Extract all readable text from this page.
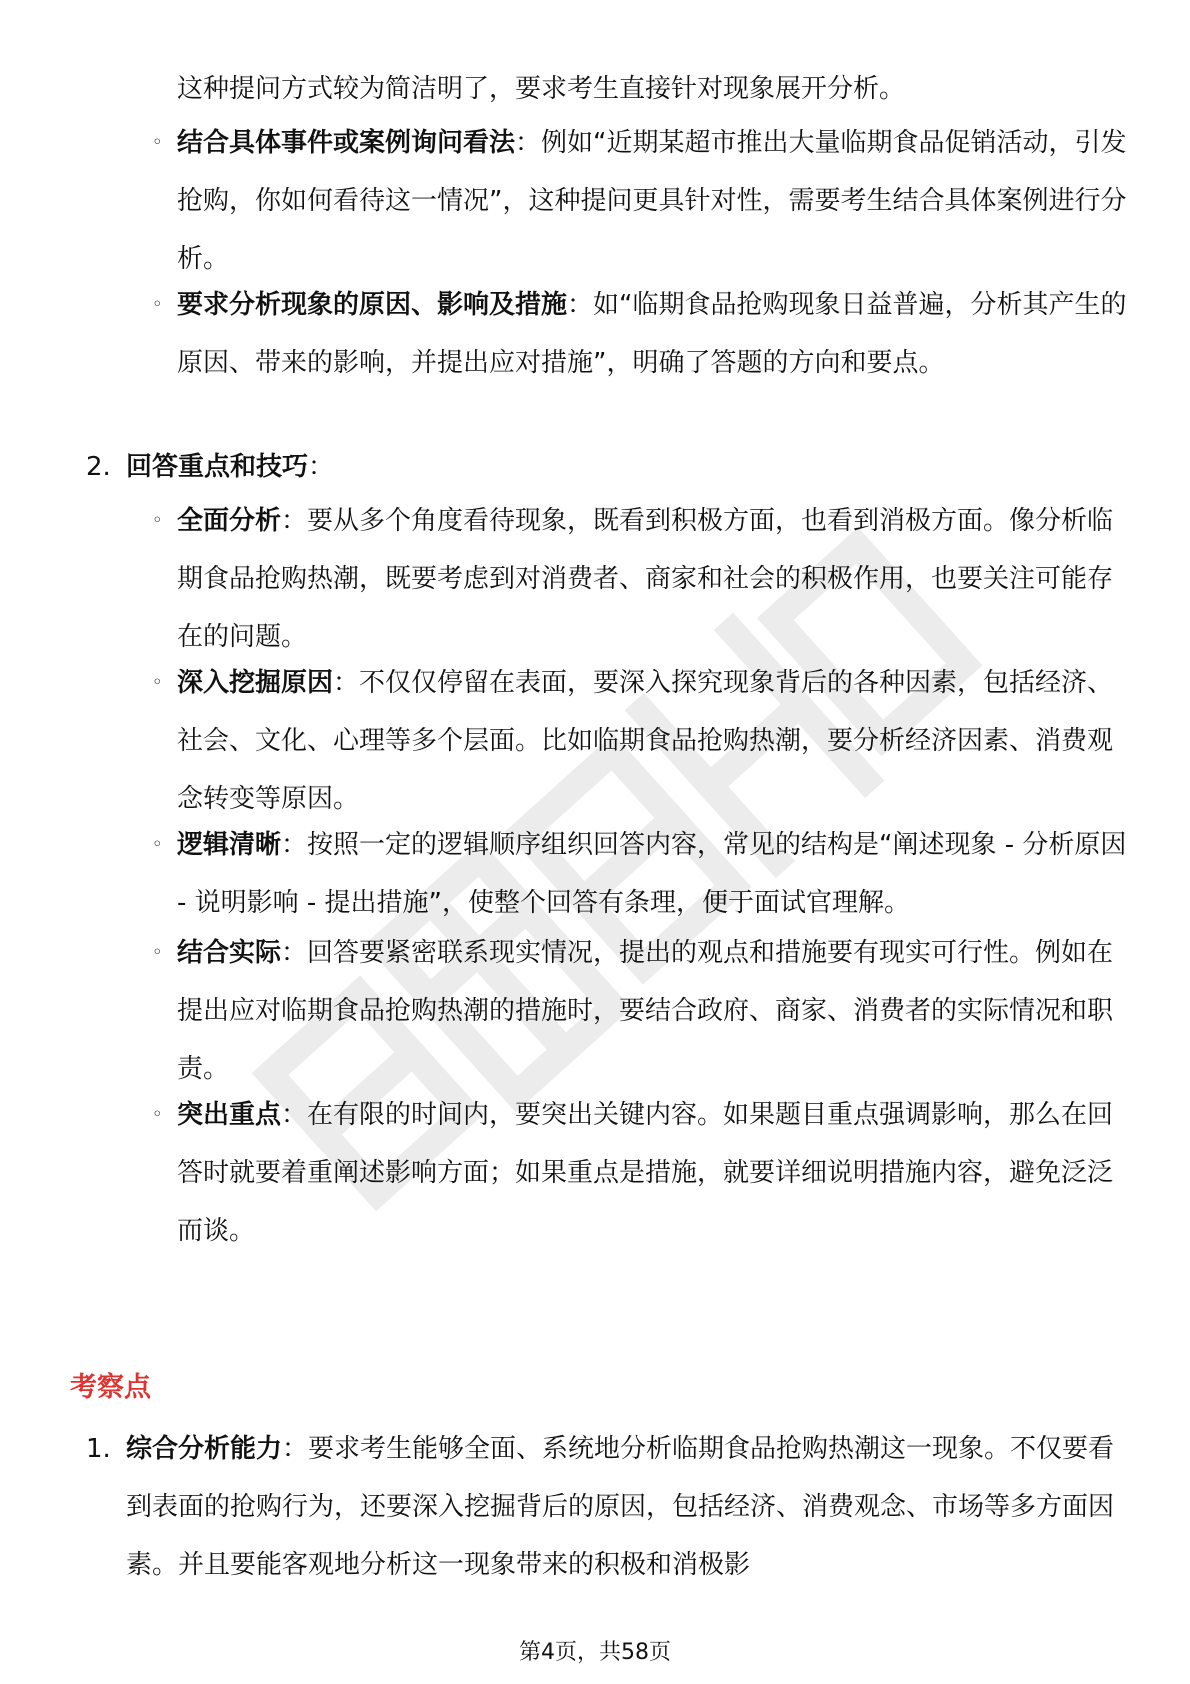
这种提问方式较为简洁明了，要求考生直接针对现象展开分析。
◦ 结合具体事件或案例询问看法：例如“近期某超市推出大量临期食品促销活动，引发抢购，你如何看待这一情况”，这种提问更具针对性，需要考生结合具体案例进行分析。
◦ 要求分析现象的原因、影响及措施：如“临期食品抢购现象日益普遍，分析其产生的原因、带来的影响，并提出应对措施”，明确了答题的方向和要点。
2. 回答重点和技巧：
◦ 全面分析：要从多个角度看待现象，既看到积极方面，也看到消极方面。像分析临期食品抢购热潮，既要考虑到对消费者、商家和社会的积极作用，也要关注可能存在的问题。
◦ 深入挖掘原因：不仅仅停留在表面，要深入探究现象背后的各种因素，包括经济、社会、文化、心理等多个层面。比如临期食品抢购热潮，要分析经济因素、消费观念转变等原因。
◦ 逻辑清晰：按照一定的逻辑顺序组织回答内容，常见的结构是“阐述现象 - 分析原因 - 说明影响 - 提出措施”，使整个回答有条理，便于面试官理解。
◦ 结合实际：回答要紧密联系现实情况，提出的观点和措施要有现实可行性。例如在提出应对临期食品抢购热潮的措施时，要结合政府、商家、消费者的实际情况和职责。
◦ 突出重点：在有限的时间内，要突出关键内容。如果题目重点强调影响，那么在回答时就要着重阐述影响方面；如果重点是措施，就要详细说明措施内容，避免泛泛而谈。
考察点
1. 综合分析能力：要求考生能够全面、系统地分析临期食品抢购热潮这一现象。不仅要看到表面的抢购行为，还要深入挖掘背后的原因，包括经济、消费观念、市场等多方面因素。并且要能客观地分析这一现象带来的积极和消极影
第4页，共58页
